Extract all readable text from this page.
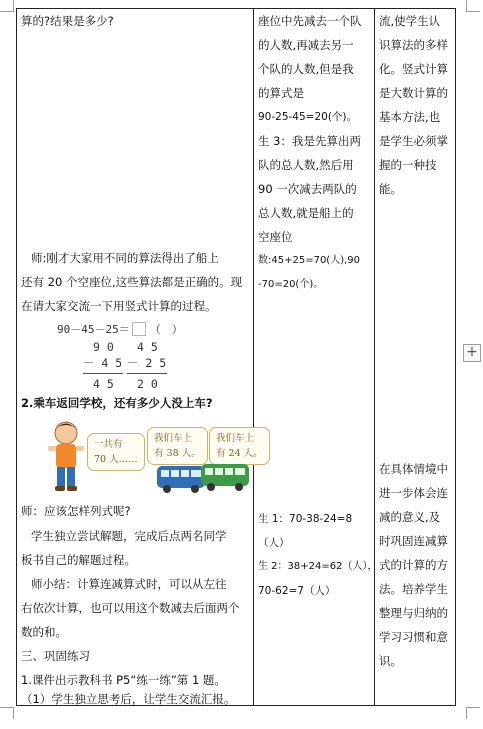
算的?结果是多少?
师:刚才大家用不同的算法得出了船上
还有 20 个空座位,这些算法都是正确的。现
在请大家交流一下用竖式计算的过程。
90－45－25＝ （　）
9 0
－ 4 5
4 5
4 5
－ 2 5
2 0
2.乘车返回学校，还有多少人没上车?
一共有
70 人……
我们车上
有 38 人。
我们车上
有 24 人。
师：应该怎样列式呢?
学生独立尝试解题，完成后点两名同学
板书自己的解题过程。
师小结：计算连减算式时，可以从左往
右依次计算，也可以用这个数减去后面两个
数的和。
三、巩固练习
1.课件出示教科书 P5“练一练”第 1 题。
（1）学生独立思考后，让学生交流汇报。
座位中先减去一个队
的人数,再减去另一
个队的人数,但是我
的算式是
90-25-45=20(个)。
生 3：我是先算出两
队的总人数,然后用
90 一次减去两队的
总人数,就是船上的
空座位
数:45+25=70(人),90
-70=20(个)。
生 1：70-38-24=8
（人）
生 2：38+24=62（人），
70-62=7（人）
流,使学生认
识算法的多样
化。竖式计算
是大数计算的
基本方法,也
是学生必须掌
握的一种技
能。
在具体情境中
进一步体会连
减的意义,及
时巩固连减算
式的计算的方
法。培养学生
整理与归纳的
学习习惯和意
识。
+
